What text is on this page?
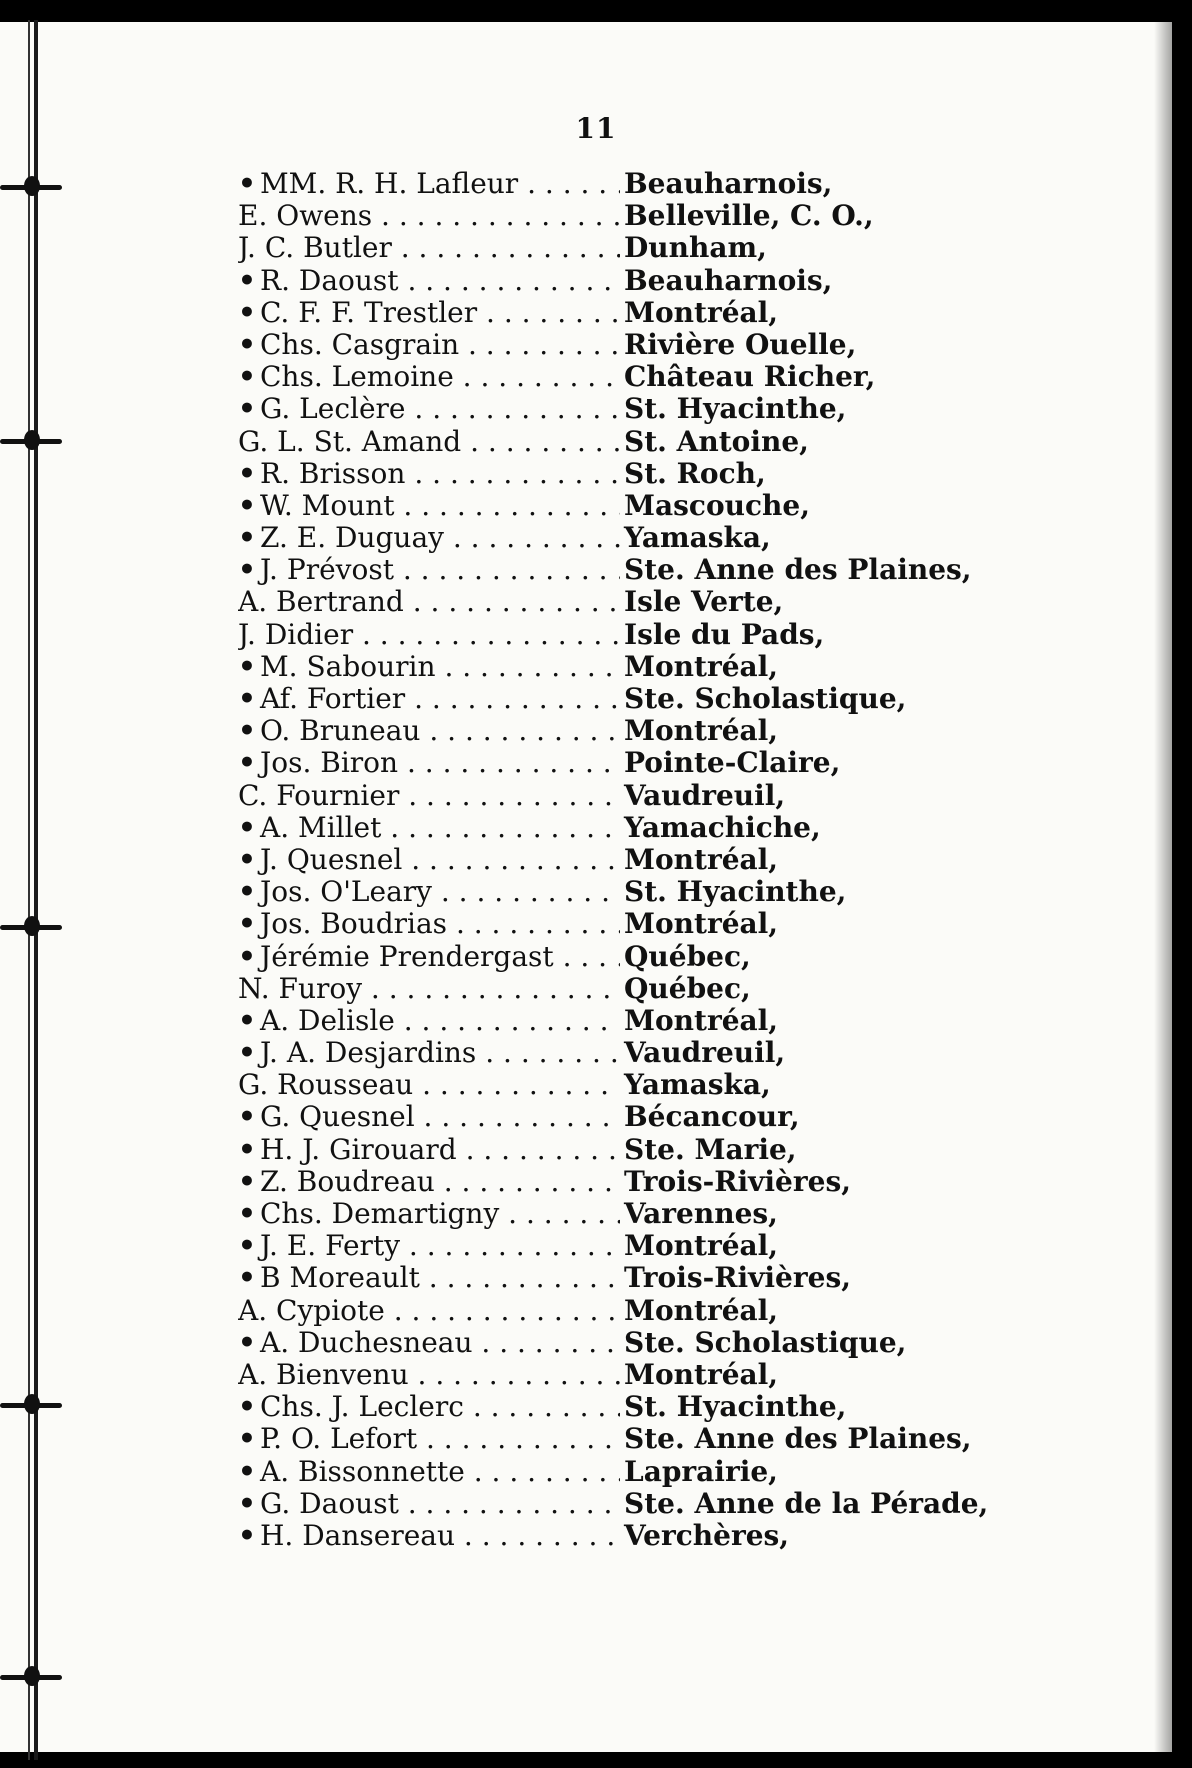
11
• MM. R. H. Lafleur . . .	Beauharnois,
E. Owens . . .	Belleville, C. O.,
J. C. Butler . . .	Dunham,
• R. Daoust . . .	Beauharnois,
• C. F. F. Trestler . . .	Montréal,
• Chs. Casgrain . . .	Rivière Ouelle,
• Chs. Lemoine . . .	Château Richer,
• G. Leclère . . .	St. Hyacinthe,
G. L. St. Amand . . .	St. Antoine,
• R. Brisson . . .	St. Roch,
• W. Mount . . .	Mascouche,
• Z. E. Duguay . . .	Yamaska,
• J. Prévost . . .	Ste. Anne des Plaines,
A. Bertrand . . .	Isle Verte,
J. Didier . . .	Isle du Pads,
• M. Sabourin . . .	Montréal,
• Af. Fortier . . .	Ste. Scholastique,
• O. Bruneau . . .	Montréal,
• Jos. Biron . . .	Pointe-Claire,
C. Fournier . . .	Vaudreuil,
• A. Millet . . .	Yamachiche,
• J. Quesnel . . .	Montréal,
• Jos. O'Leary . . .	St. Hyacinthe,
• Jos. Boudrias . . .	Montréal,
• Jérémie Prendergast . . .	Québec,
N. Furoy . . .	Québec,
• A. Delisle . . .	Montréal,
• J. A. Desjardins . . .	Vaudreuil,
G. Rousseau . . .	Yamaska,
• G. Quesnel . . .	Bécancour,
• H. J. Girouard . . .	Ste. Marie,
• Z. Boudreau . . .	Trois-Rivières,
• Chs. Demartigny . . .	Varennes,
• J. E. Ferty . . .	Montréal,
• B Moreault . . .	Trois-Rivières,
A. Cypiote . . .	Montréal,
• A. Duchesneau . . .	Ste. Scholastique,
A. Bienvenu . . .	Montréal,
• Chs. J. Leclerc . . .	St. Hyacinthe,
• P. O. Lefort . . .	Ste. Anne des Plaines,
• A. Bissonnette . . .	Laprairie,
• G. Daoust . . .	Ste. Anne de la Pérade,
• H. Dansereau . . .	Verchères,
